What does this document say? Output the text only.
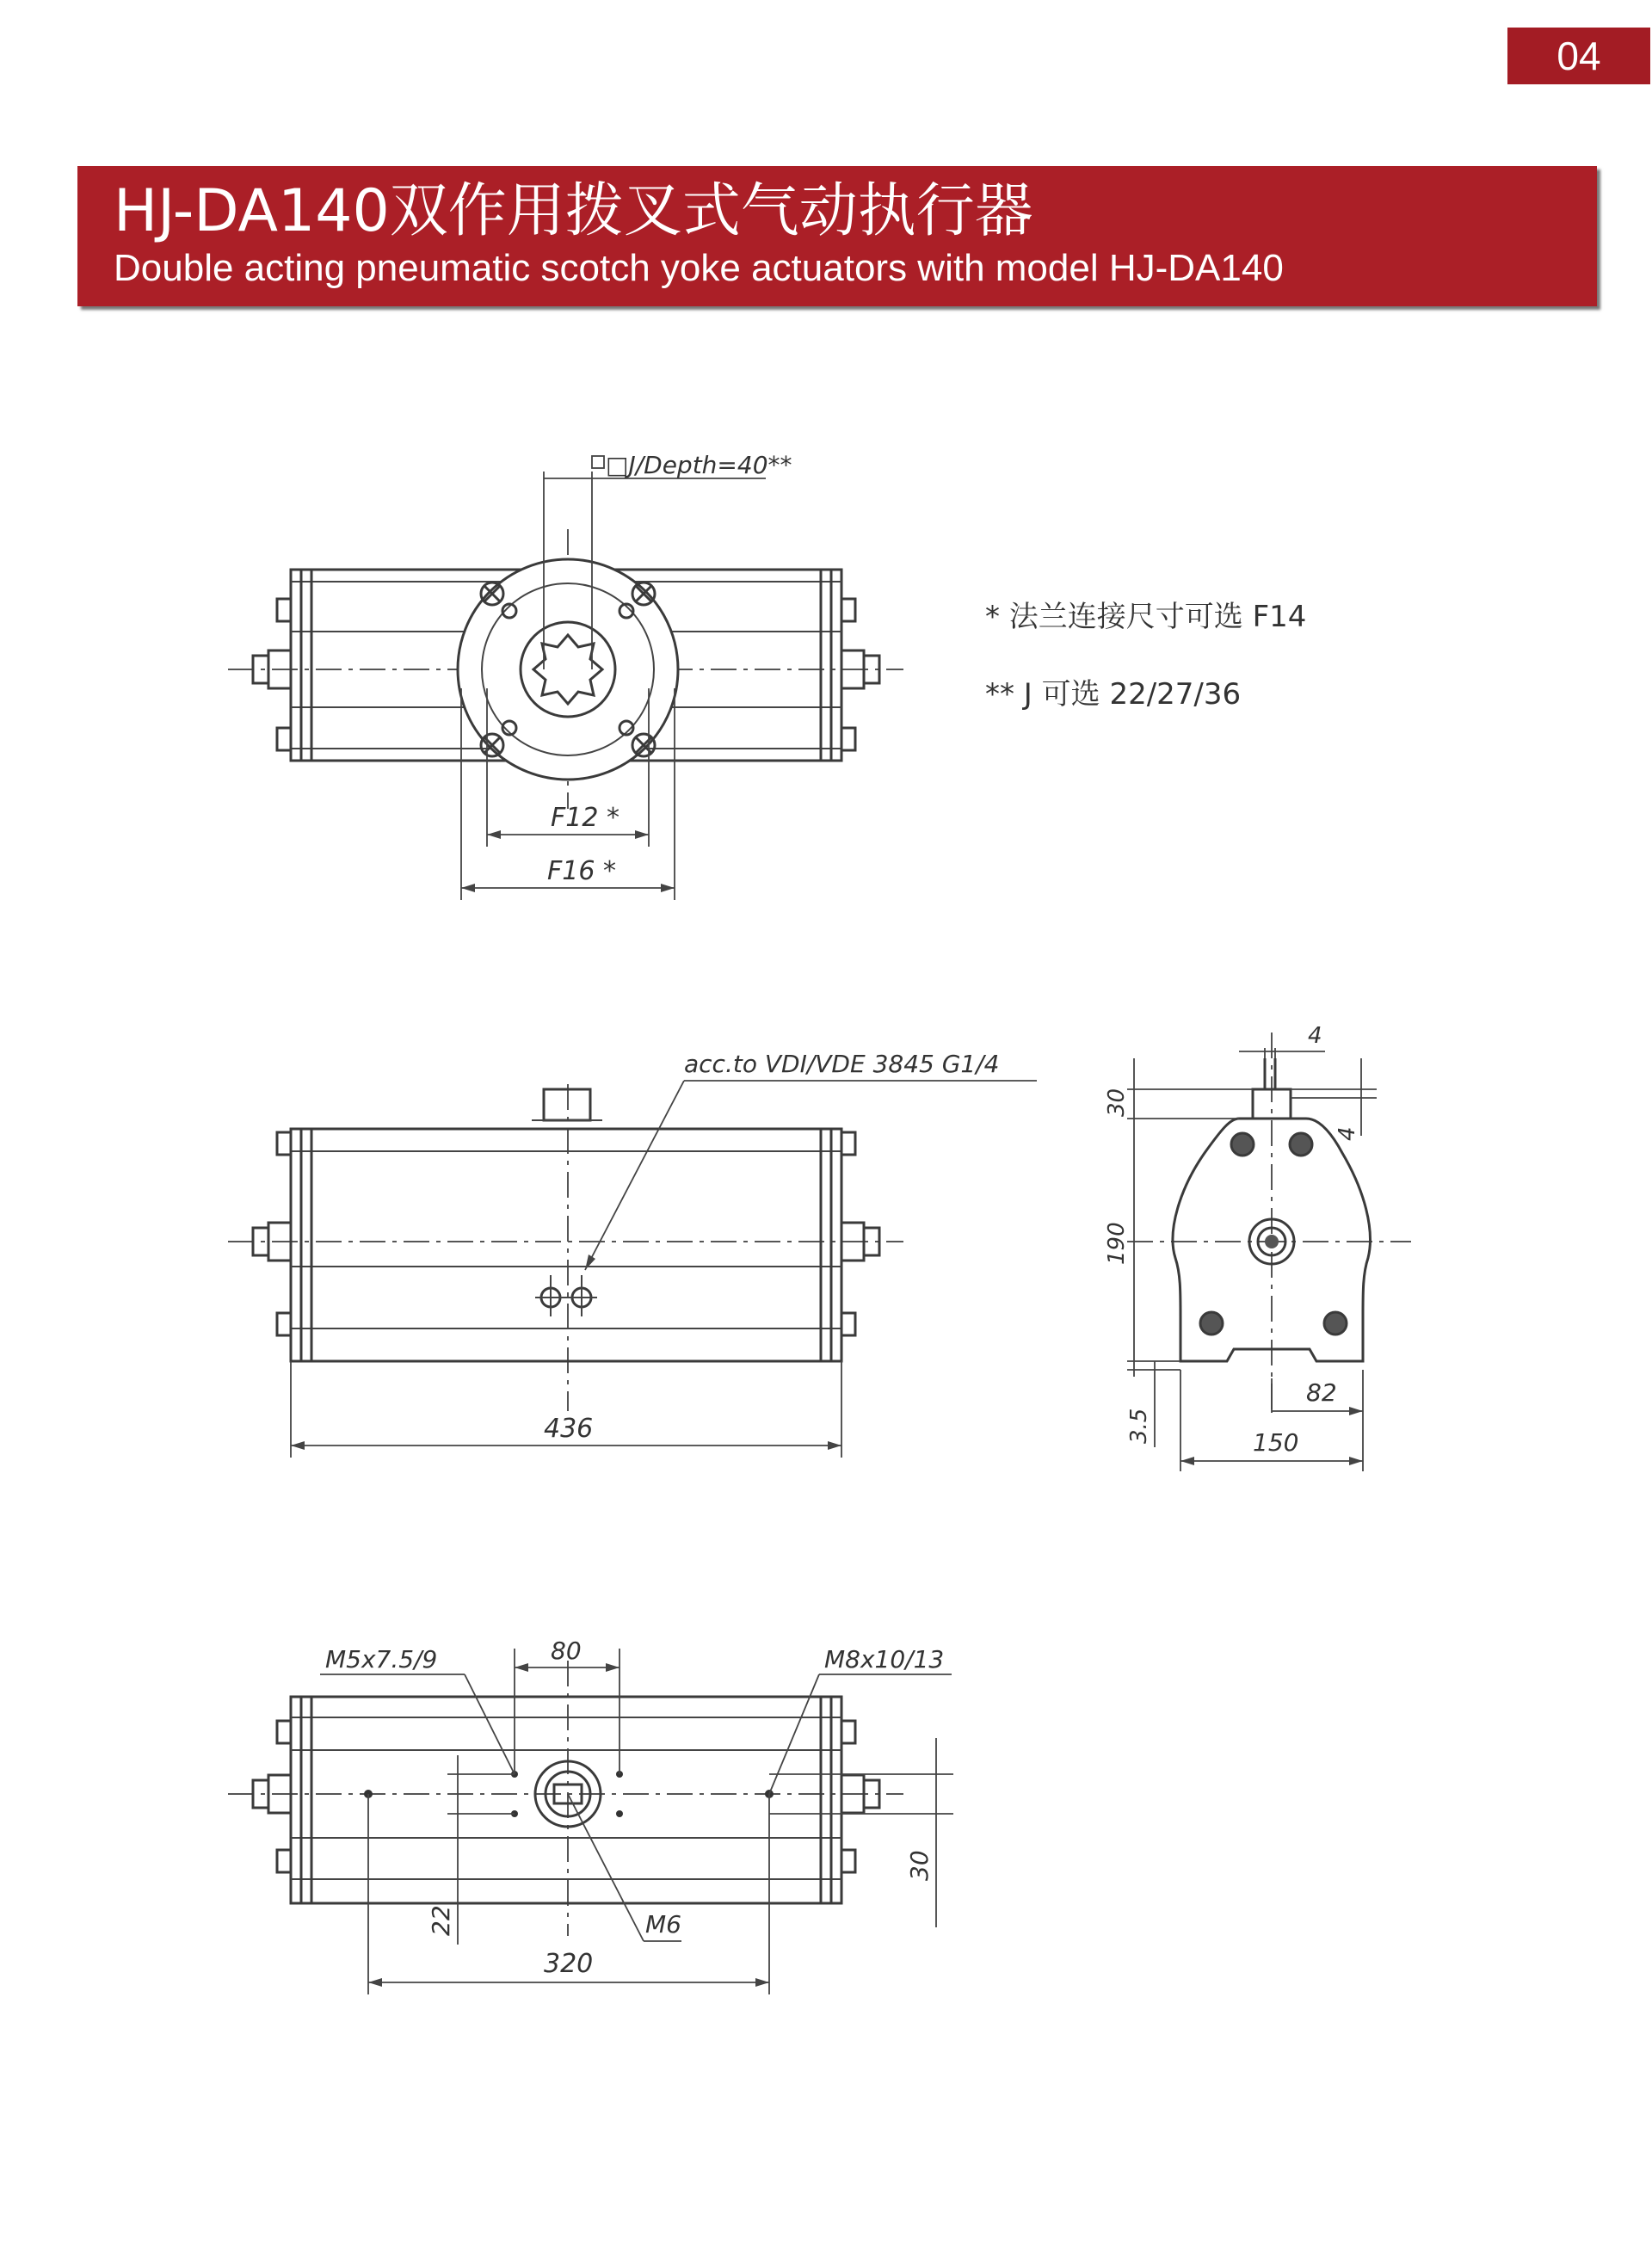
04
HJ-DA140双作用拨叉式气动执行器
Double acting pneumatic scotch yoke actuators with model HJ-DA140
□J/Depth=40**
F12 *
F16 *
* 法兰连接尺寸可选 F14
** J 可选 22/27/36
acc.to VDI/VDE 3845 G1/4
436
4
30
4
190
3.5
82
150
M5x7.5/9	80	M8x10/13
30
22	M6
320
